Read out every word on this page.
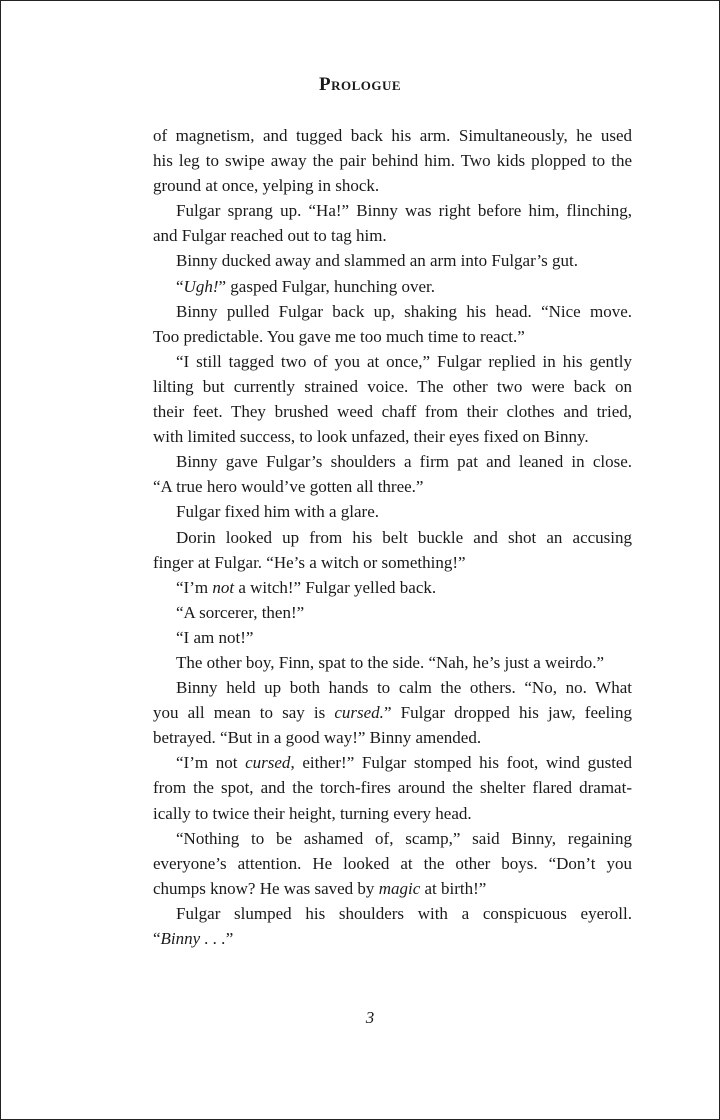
Prologue
of magnetism, and tugged back his arm. Simultaneously, he used
his leg to swipe away the pair behind him. Two kids plopped to the
ground at once, yelping in shock.
Fulgar sprang up. “Ha!” Binny was right before him, flinching,
and Fulgar reached out to tag him.
Binny ducked away and slammed an arm into Fulgar’s gut.
“Ugh!” gasped Fulgar, hunching over.
Binny pulled Fulgar back up, shaking his head. “Nice move.
Too predictable. You gave me too much time to react.”
“I still tagged two of you at once,” Fulgar replied in his gently
lilting but currently strained voice. The other two were back on
their feet. They brushed weed chaff from their clothes and tried,
with limited success, to look unfazed, their eyes fixed on Binny.
Binny gave Fulgar’s shoulders a firm pat and leaned in close.
“A true hero would’ve gotten all three.”
Fulgar fixed him with a glare.
Dorin looked up from his belt buckle and shot an accusing
finger at Fulgar. “He’s a witch or something!”
“I’m not a witch!” Fulgar yelled back.
“A sorcerer, then!”
“I am not!”
The other boy, Finn, spat to the side. “Nah, he’s just a weirdo.”
Binny held up both hands to calm the others. “No, no. What
you all mean to say is cursed.” Fulgar dropped his jaw, feeling
betrayed. “But in a good way!” Binny amended.
“I’m not cursed, either!” Fulgar stomped his foot, wind gusted
from the spot, and the torch-fires around the shelter flared dramat-
ically to twice their height, turning every head.
“Nothing to be ashamed of, scamp,” said Binny, regaining
everyone’s attention. He looked at the other boys. “Don’t you
chumps know? He was saved by magic at birth!”
Fulgar slumped his shoulders with a conspicuous eyeroll.
“Binny . . .”
3
